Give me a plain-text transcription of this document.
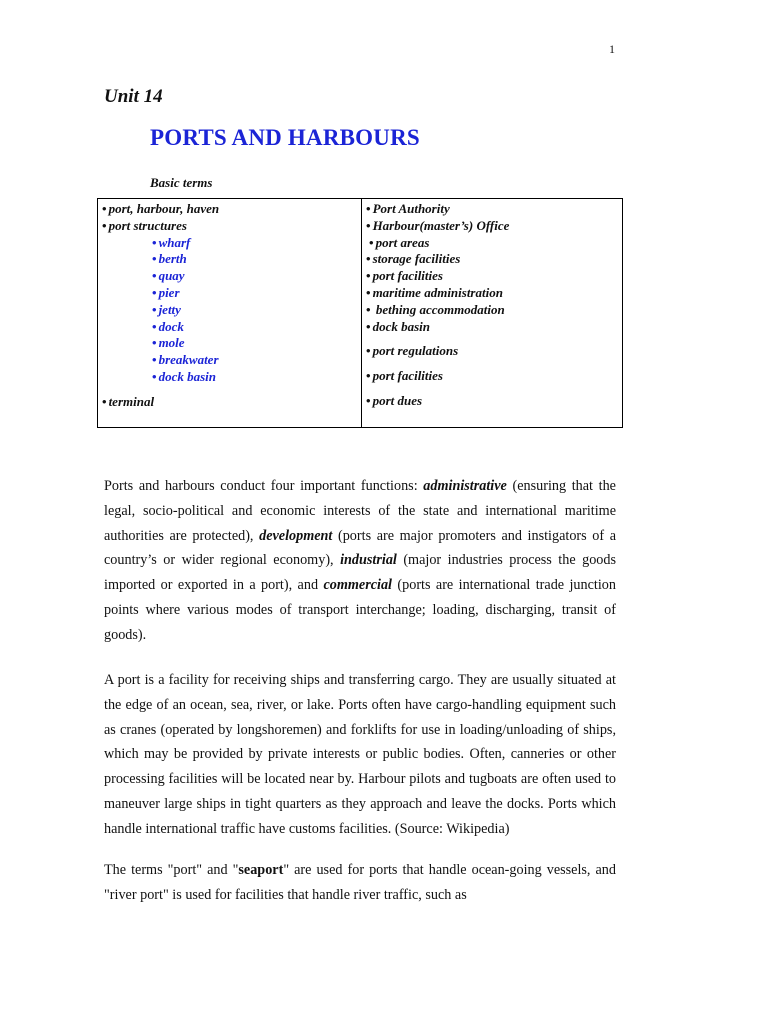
1
Unit 14
PORTS AND HARBOURS
Basic terms
• port, harbour, haven
• port structures
• wharf
• berth
• quay
• pier
• jetty
• dock
• mole
• breakwater
• dock basin
• terminal
• Port Authority
• Harbour(master’s) Office
• port areas
• storage facilities
• port facilities
• maritime administration
• bething accommodation
• dock basin
• port regulations
• port facilities
• port dues

Ports and harbours conduct four important functions: administrative (ensuring that the legal, socio-political and economic interests of the state and international maritime authorities are protected), development (ports are major promoters and instigators of a country’s or wider regional economy), industrial (major industries process the goods imported or exported in a port), and commercial (ports are international trade junction points where various modes of transport interchange; loading, discharging, transit of goods).

A port is a facility for receiving ships and transferring cargo. They are usually situated at the edge of an ocean, sea, river, or lake. Ports often have cargo-handling equipment such as cranes (operated by longshoremen) and forklifts for use in loading/unloading of ships, which may be provided by private interests or public bodies. Often, canneries or other processing facilities will be located near by. Harbour pilots and tugboats are often used to maneuver large ships in tight quarters as they approach and leave the docks. Ports which handle international traffic have customs facilities. (Source: Wikipedia)

The terms "port" and "seaport" are used for ports that handle ocean-going vessels, and "river port" is used for facilities that handle river traffic, such as
